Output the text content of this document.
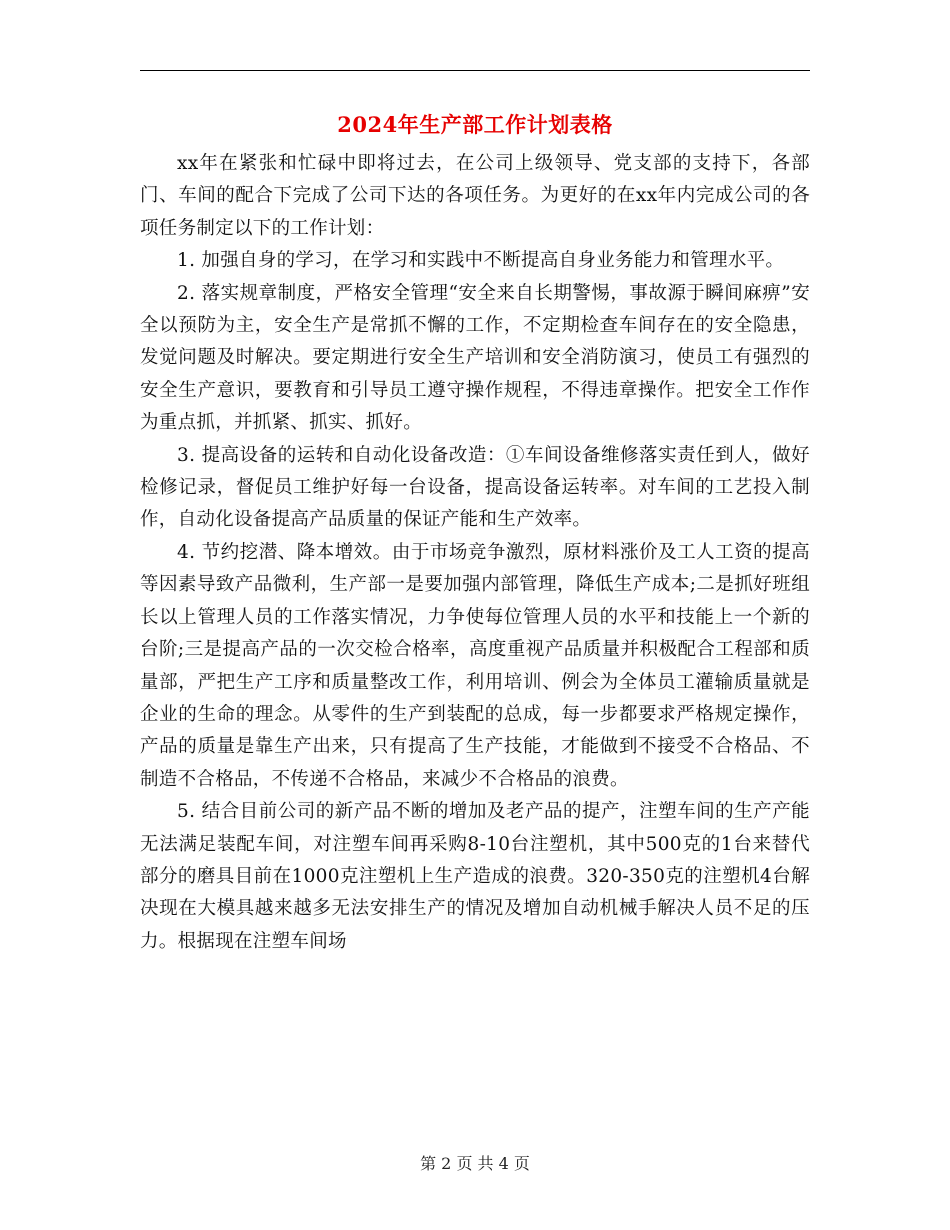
2024年生产部工作计划表格

xx年在紧张和忙碌中即将过去，在公司上级领导、党支部的支持下，各部门、车间的配合下完成了公司下达的各项任务。为更好的在xx年内完成公司的各项任务制定以下的工作计划：

1. 加强自身的学习，在学习和实践中不断提高自身业务能力和管理水平。

2. 落实规章制度，严格安全管理“安全来自长期警惕，事故源于瞬间麻痹”安全以预防为主，安全生产是常抓不懈的工作，不定期检查车间存在的安全隐患，发觉问题及时解决。要定期进行安全生产培训和安全消防演习，使员工有强烈的安全生产意识，要教育和引导员工遵守操作规程，不得违章操作。把安全工作作为重点抓，并抓紧、抓实、抓好。

3. 提高设备的运转和自动化设备改造：①车间设备维修落实责任到人，做好检修记录，督促员工维护好每一台设备，提高设备运转率。对车间的工艺投入制作，自动化设备提高产品质量的保证产能和生产效率。

4. 节约挖潜、降本增效。由于市场竞争激烈，原材料涨价及工人工资的提高等因素导致产品微利，生产部一是要加强内部管理，降低生产成本;二是抓好班组长以上管理人员的工作落实情况，力争使每位管理人员的水平和技能上一个新的台阶;三是提高产品的一次交检合格率，高度重视产品质量并积极配合工程部和质量部，严把生产工序和质量整改工作，利用培训、例会为全体员工灌输质量就是企业的生命的理念。从零件的生产到装配的总成，每一步都要求严格规定操作，产品的质量是靠生产出来，只有提高了生产技能，才能做到不接受不合格品、不制造不合格品，不传递不合格品，来减少不合格品的浪费。

5. 结合目前公司的新产品不断的增加及老产品的提产，注塑车间的生产产能无法满足装配车间，对注塑车间再采购8-10台注塑机，其中500克的1台来替代部分的磨具目前在1000克注塑机上生产造成的浪费。320-350克的注塑机4台解决现在大模具越来越多无法安排生产的情况及增加自动机械手解决人员不足的压力。根据现在注塑车间场

第 2 页 共 4 页
